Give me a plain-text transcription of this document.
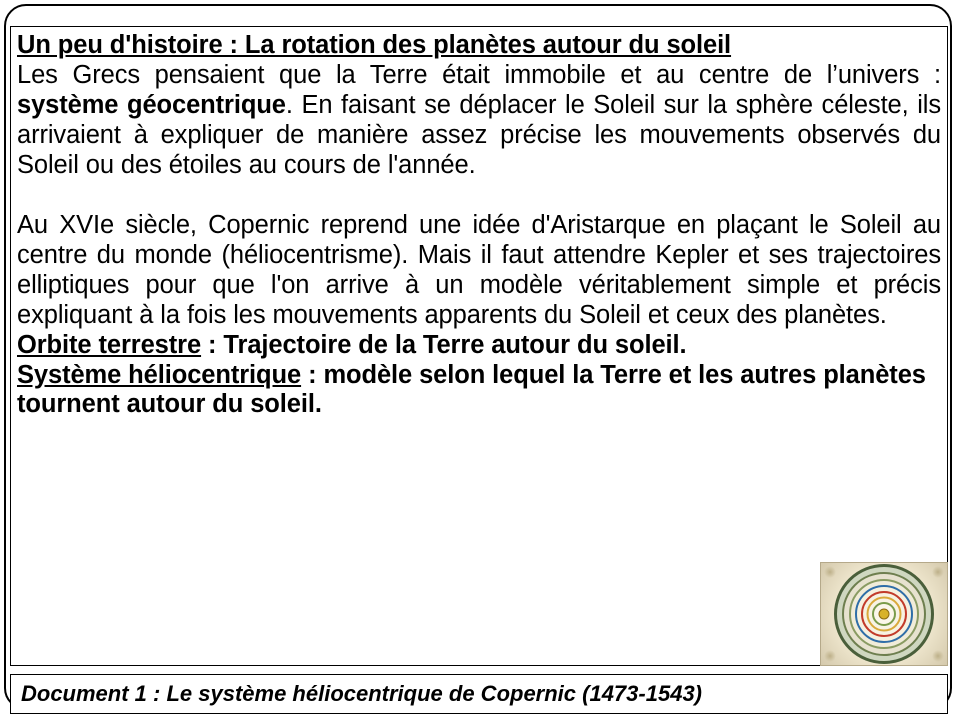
Un peu d'histoire : La rotation des planètes autour du soleil

Les Grecs pensaient que la Terre était immobile et au centre de l’univers : système géocentrique. En faisant se déplacer le Soleil sur la sphère céleste, ils arrivaient à expliquer de manière assez précise les mouvements observés du Soleil ou des étoiles au cours de l'année.

Au XVIe siècle, Copernic reprend une idée d'Aristarque en plaçant le Soleil au centre du monde (héliocentrisme). Mais il faut attendre Kepler et ses trajectoires elliptiques pour que l'on arrive à un modèle véritablement simple et précis expliquant à la fois les mouvements apparents du Soleil et ceux des planètes.

Orbite terrestre : Trajectoire de la Terre autour du soleil.

Système héliocentrique : modèle selon lequel la Terre et les autres planètes tournent autour du soleil.

Document 1 : Le système héliocentrique de Copernic (1473-1543)
